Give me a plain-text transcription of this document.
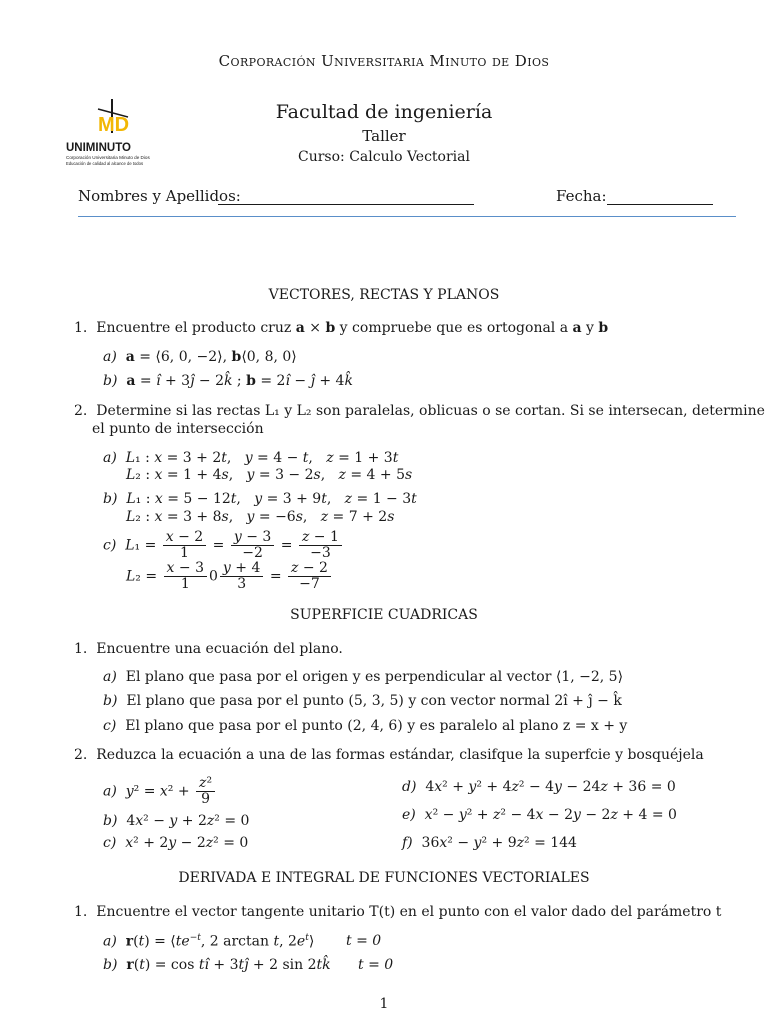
Corporación Universitaria Minuto de Dios
MD
UNIMINUTO
Corporación Universitaria Minuto de Dios
Educación de calidad al alcance de todos
Facultad de ingeniería
Taller
Curso: Calculo Vectorial
Nombres y Apellidos:	Fecha:
VECTORES, RECTAS Y PLANOS
1. Encuentre el producto cruz a × b y compruebe que es ortogonal a a y b
a) a = ⟨6, 0, −2⟩, b⟨0, 8, 0⟩
b) a = î + 3ĵ − 2k̂ ; b = 2î − ĵ + 4k̂
2. Determine si las rectas L₁ y L₂ son paralelas, oblicuas o se cortan. Si se intersecan, determine
el punto de intersección
a) L₁ : x = 3 + 2t,   y = 4 − t,   z = 1 + 3t
L₂ : x = 1 + 4s,   y = 3 − 2s,   z = 4 + 5s
b) L₁ : x = 5 − 12t,   y = 3 + 9t,   z = 1 − 3t
L₂ : x = 3 + 8s,   y = −6s,   z = 7 + 2s
c) $L_1 = \frac{x - 2}{1} = \frac{y - 3}{-2} = \frac{z - 1}{-3}$
$L_2 = \frac{x - 3}{1} 0 \frac{y + 4}{3} = \frac{z - 2}{-7}$
SUPERFICIE CUADRICAS
1. Encuentre una ecuación del plano.
a) El plano que pasa por el origen y es perpendicular al vector ⟨1, −2, 5⟩
b) El plano que pasa por el punto (5, 3, 5) y con vector normal 2î + ĵ − k̂
c) El plano que pasa por el punto (2, 4, 6) y es paralelo al plano z = x + y
2. Reduzca la ecuación a una de las formas estándar, clasifque la superfcie y bosquéjela
a) $y^2 = x^2 + \frac{\text{z²}}{9}$
b)  4x² − y + 2z² = 0
c) x² + 2y − 2z² = 0
d)  4x² + y² + 4z² − 4y − 24z + 36 = 0
e) x² − y² + z² − 4x − 2y − 2z + 4 = 0
f)  36x² − y² + 9z² = 144
DERIVADA E INTEGRAL DE FUNCIONES VECTORIALES
1. Encuentre el vector tangente unitario T(t) en el punto con el valor dado del parámetro t
a) $r(t) = ⟨te^{-t}$, 2 arctan t, $2e^t⟩$ t = 0
b) r(t) = cos tî + 3tĵ + 2 sin 2tk̂ t = 0
1
